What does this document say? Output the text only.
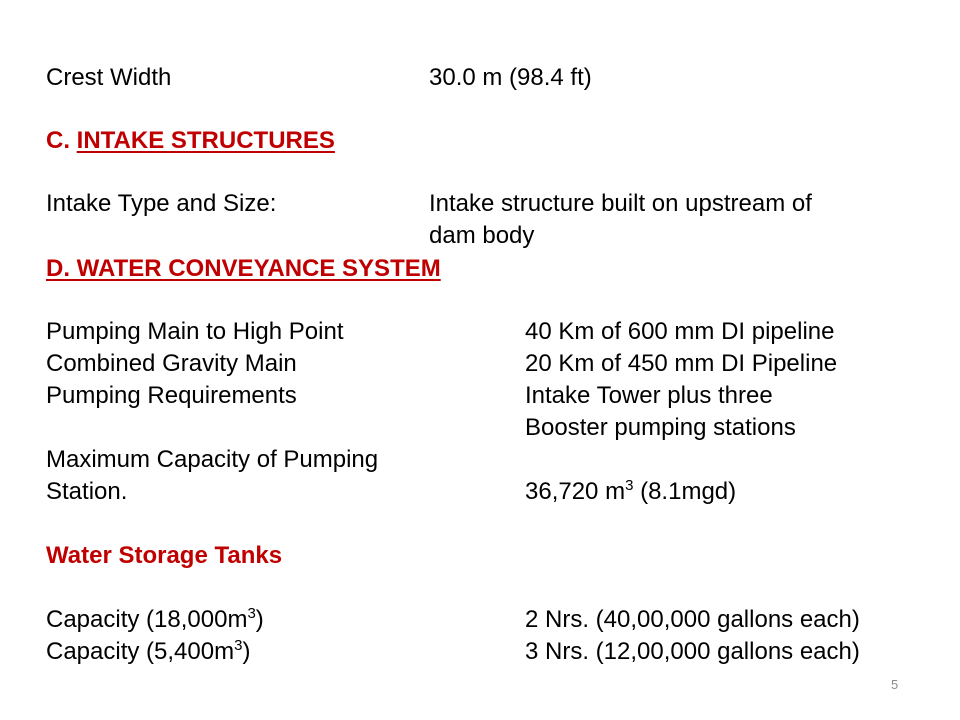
Crest Width	30.0 m (98.4 ft)
C. INTAKE STRUCTURES
Intake Type and Size:	Intake structure built on upstream of
dam body
D. WATER CONVEYANCE SYSTEM
Pumping Main to High Point	40 Km of 600 mm DI pipeline
Combined Gravity Main	20 Km of 450 mm DI Pipeline
Pumping Requirements	Intake Tower plus three
Booster pumping stations
Maximum Capacity of Pumping
Station.	36,720 $m^3$ (8.1mgd)
Water Storage Tanks
Capacity $(18,000m^3)$	2 Nrs. (40,00,000 gallons each)
Capacity $(5,400m^3)$	3 Nrs. (12,00,000 gallons each)
5
